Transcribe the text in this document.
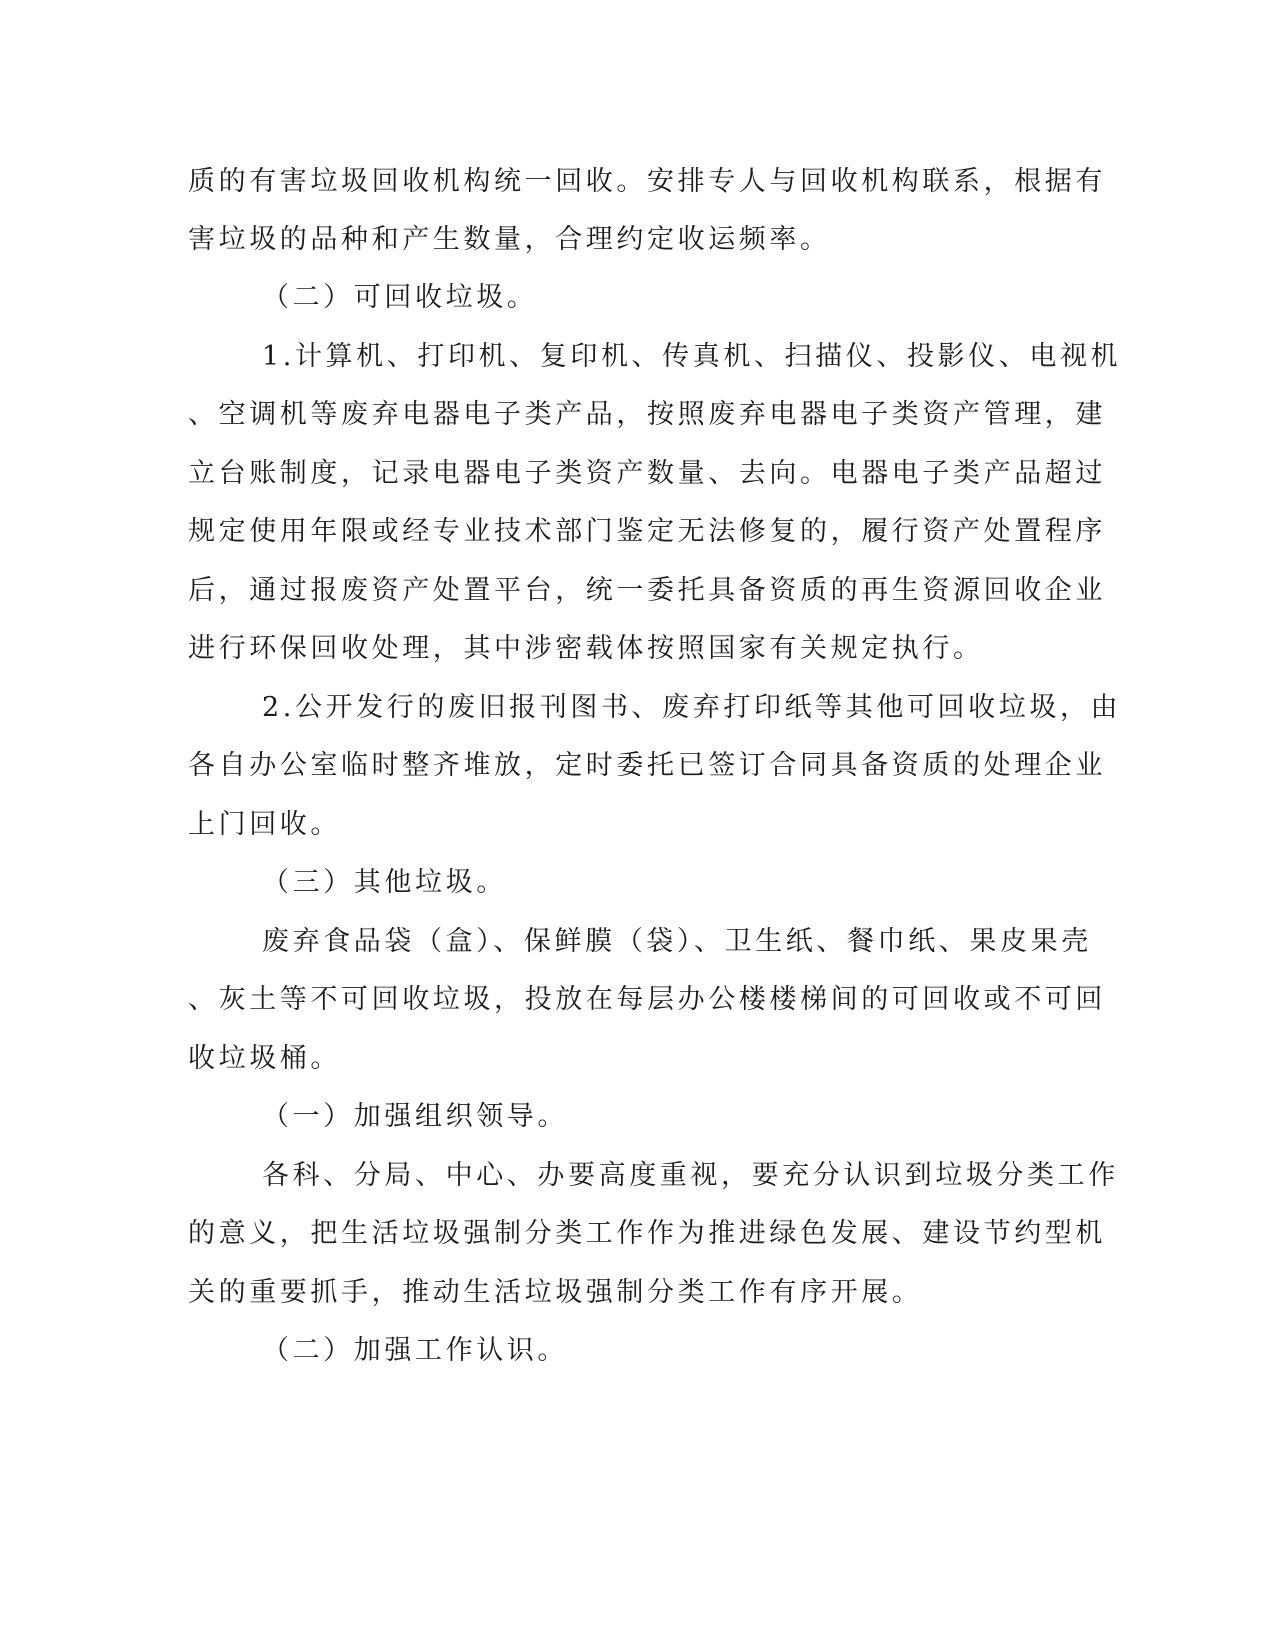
质的有害垃圾回收机构统一回收。安排专人与回收机构联系，根据有
害垃圾的品种和产生数量，合理约定收运频率。
（二）可回收垃圾。
1.计算机、打印机、复印机、传真机、扫描仪、投影仪、电视机
、空调机等废弃电器电子类产品，按照废弃电器电子类资产管理，建
立台账制度，记录电器电子类资产数量、去向。电器电子类产品超过
规定使用年限或经专业技术部门鉴定无法修复的，履行资产处置程序
后，通过报废资产处置平台，统一委托具备资质的再生资源回收企业
进行环保回收处理，其中涉密载体按照国家有关规定执行。
2.公开发行的废旧报刊图书、废弃打印纸等其他可回收垃圾，由
各自办公室临时整齐堆放，定时委托已签订合同具备资质的处理企业
上门回收。
（三）其他垃圾。
废弃食品袋（盒）、保鲜膜（袋）、卫生纸、餐巾纸、果皮果壳
、灰土等不可回收垃圾，投放在每层办公楼楼梯间的可回收或不可回
收垃圾桶。
（一）加强组织领导。
各科、分局、中心、办要高度重视，要充分认识到垃圾分类工作
的意义，把生活垃圾强制分类工作作为推进绿色发展、建设节约型机
关的重要抓手，推动生活垃圾强制分类工作有序开展。
（二）加强工作认识。
